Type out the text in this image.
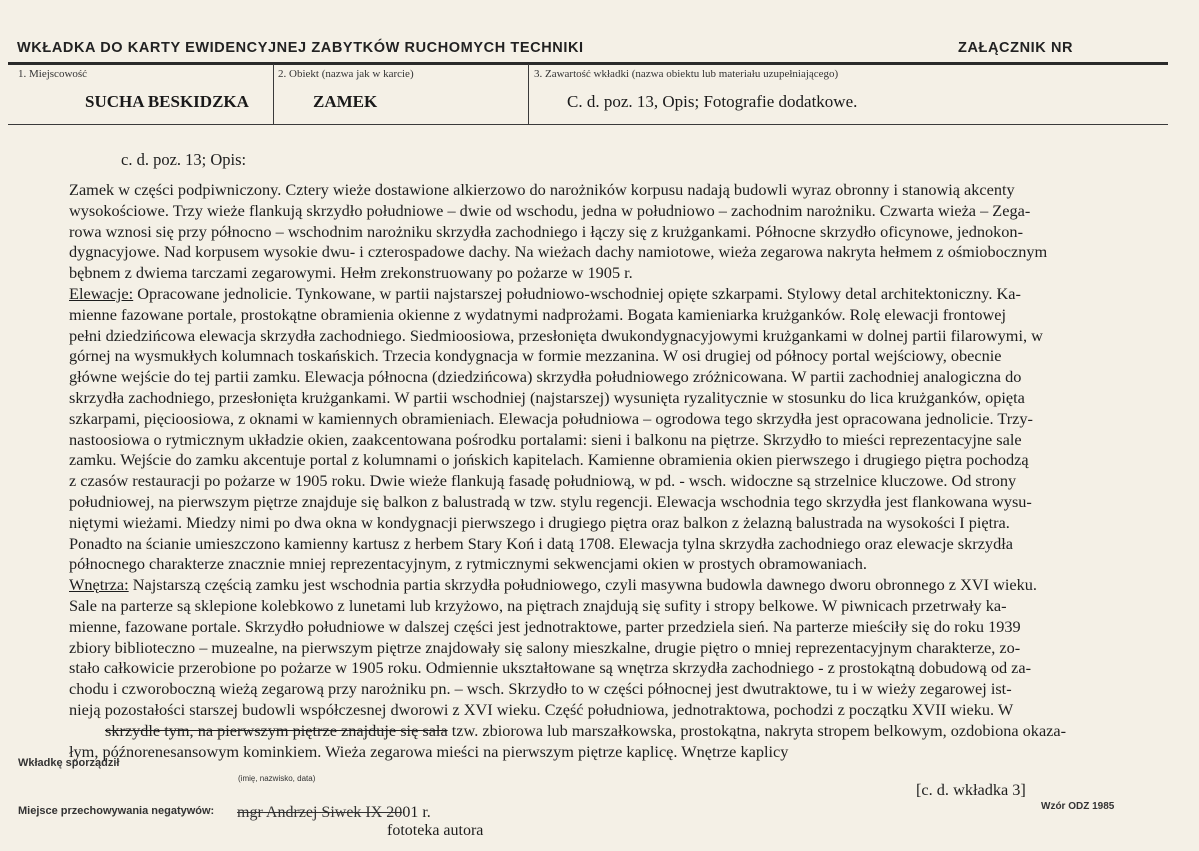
WKŁADKA DO KARTY EWIDENCYJNEJ ZABYTKÓW RUCHOMYCH TECHNIKI	ZAŁĄCZNIK NR
1. Miejscowość
SUCHA BESKIDZKA
2. Obiekt (nazwa jak w karcie)
ZAMEK
3. Zawartość wkładki (nazwa obiektu lub materiału uzupełniającego)
C. d. poz. 13, Opis; Fotografie dodatkowe.
c. d. poz. 13; Opis:
Zamek w części podpiwniczony. Cztery wieże dostawione alkierzowo do narożników korpusu nadają budowli wyraz obronny i stanowią akcenty
wysokościowe. Trzy wieże flankują skrzydło południowe – dwie od wschodu, jedna w południowo – zachodnim narożniku. Czwarta wieża – Zega-
rowa wznosi się przy północno – wschodnim narożniku skrzydła zachodniego i łączy się z krużgankami. Północne skrzydło oficynowe, jednokon-
dygnacyjowe. Nad korpusem wysokie dwu- i czterospadowe dachy. Na wieżach dachy namiotowe, wieża zegarowa nakryta hełmem z ośmiobocznym
bębnem z dwiema tarczami zegarowymi. Hełm zrekonstruowany po pożarze w 1905 r.
Elewacje: Opracowane jednolicie. Tynkowane, w partii najstarszej południowo-wschodniej opięte szkarpami. Stylowy detal architektoniczny. Ka-
mienne fazowane portale, prostokątne obramienia okienne z wydatnymi nadprożami. Bogata kamieniarka krużganków. Rolę elewacji frontowej
pełni dziedzińcowa elewacja skrzydła zachodniego. Siedmioosiowa, przesłonięta dwukondygnacyjowymi krużgankami w dolnej partii filarowymi, w
górnej na wysmukłych kolumnach toskańskich. Trzecia kondygnacja w formie mezzanina. W osi drugiej od północy portal wejściowy, obecnie
główne wejście do tej partii zamku. Elewacja północna (dziedzińcowa) skrzydła południowego zróżnicowana. W partii zachodniej analogiczna do
skrzydła zachodniego, przesłonięta krużgankami. W partii wschodniej (najstarszej) wysunięta ryzalitycznie w stosunku do lica krużganków, opięta
szkarpami, pięcioosiowa, z oknami w kamiennych obramieniach. Elewacja południowa – ogrodowa tego skrzydła jest opracowana jednolicie. Trzy-
nastoosiowa o rytmicznym układzie okien, zaakcentowana pośrodku portalami: sieni i balkonu na piętrze. Skrzydło to mieści reprezentacyjne sale
zamku. Wejście do zamku akcentuje portal z kolumnami o jońskich kapitelach. Kamienne obramienia okien pierwszego i drugiego piętra pochodzą
z czasów restauracji po pożarze w 1905 roku. Dwie wieże flankują fasadę południową, w pd. - wsch. widoczne są strzelnice kluczowe. Od strony
południowej, na pierwszym piętrze znajduje się balkon z balustradą w tzw. stylu regencji. Elewacja wschodnia tego skrzydła jest flankowana wysu-
niętymi wieżami. Miedzy nimi po dwa okna w kondygnacji pierwszego i drugiego piętra oraz balkon z żelazną balustrada na wysokości I piętra.
Ponadto na ścianie umieszczono kamienny kartusz z herbem Stary Koń i datą 1708. Elewacja tylna skrzydła zachodniego oraz elewacje skrzydła
północnego charakterze znacznie mniej reprezentacyjnym, z rytmicznymi sekwencjami okien w prostych obramowaniach.
Wnętrza: Najstarszą częścią zamku jest wschodnia partia skrzydła południowego, czyli masywna budowla dawnego dworu obronnego z XVI wieku.
Sale na parterze są sklepione kolebkowo z lunetami lub krzyżowo, na piętrach znajdują się sufity i stropy belkowe. W piwnicach przetrwały ka-
mienne, fazowane portale. Skrzydło południowe w dalszej części jest jednotraktowe, parter przedziela sień. Na parterze mieściły się do roku 1939
zbiory biblioteczno – muzealne, na pierwszym piętrze znajdowały się salony mieszkalne, drugie piętro o mniej reprezentacyjnym charakterze, zo-
stało całkowicie przerobione po pożarze w 1905 roku. Odmiennie ukształtowane są wnętrza skrzydła zachodniego - z prostokątną dobudową od za-
chodu i czworoboczną wieżą zegarową przy narożniku pn. – wsch. Skrzydło to w części północnej jest dwutraktowe, tu i w wieży zegarowej ist-
nieją pozostałości starszej budowli współczesnej dworowi z XVI wieku. Część południowa, jednotraktowa, pochodzi z początku XVII wieku. W
skrzydle tym, na pierwszym piętrze znajduje się sala tzw. zbiorowa lub marszałkowska, prostokątna, nakryta stropem belkowym, ozdobiona okaza-
łym, późnorenesansowym kominkiem. Wieża zegarowa mieści na pierwszym piętrze kaplicę. Wnętrze kaplicy
[c. d. wkładka 3]
Wkładkę sporządził
(imię, nazwisko, data)
Miejsce przechowywania negatywów: mgr Andrzej Siwek IX 2001 r.
fototeka autora
Wzór ODZ 1985
